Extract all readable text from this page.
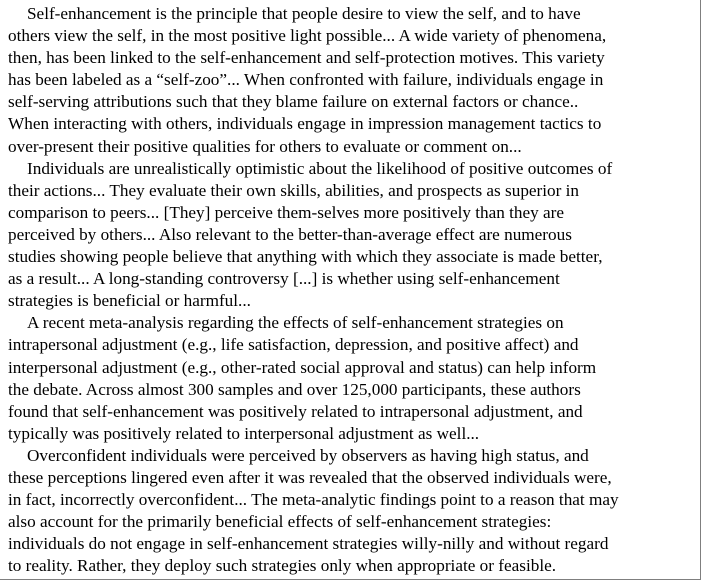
Self-enhancement is the principle that people desire to view the self, and to have
others view the self, in the most positive light possible... A wide variety of phenomena,
then, has been linked to the self-enhancement and self-protection motives. This variety
has been labeled as a “self-zoo”... When confronted with failure, individuals engage in
self-serving attributions such that they blame failure on external factors or chance..
When interacting with others, individuals engage in impression management tactics to
over-present their positive qualities for others to evaluate or comment on...

Individuals are unrealistically optimistic about the likelihood of positive outcomes of
their actions... They evaluate their own skills, abilities, and prospects as superior in
comparison to peers... [They] perceive them-selves more positively than they are
perceived by others... Also relevant to the better-than-average effect are numerous
studies showing people believe that anything with which they associate is made better,
as a result... A long-standing controversy [...] is whether using self-enhancement
strategies is beneficial or harmful...

A recent meta-analysis regarding the effects of self-enhancement strategies on
intrapersonal adjustment (e.g., life satisfaction, depression, and positive affect) and
interpersonal adjustment (e.g., other-rated social approval and status) can help inform
the debate. Across almost 300 samples and over 125,000 participants, these authors
found that self-enhancement was positively related to intrapersonal adjustment, and
typically was positively related to interpersonal adjustment as well...

Overconfident individuals were perceived by observers as having high status, and
these perceptions lingered even after it was revealed that the observed individuals were,
in fact, incorrectly overconfident... The meta-analytic findings point to a reason that may
also account for the primarily beneficial effects of self-enhancement strategies:
individuals do not engage in self-enhancement strategies willy-nilly and without regard
to reality. Rather, they deploy such strategies only when appropriate or feasible.
